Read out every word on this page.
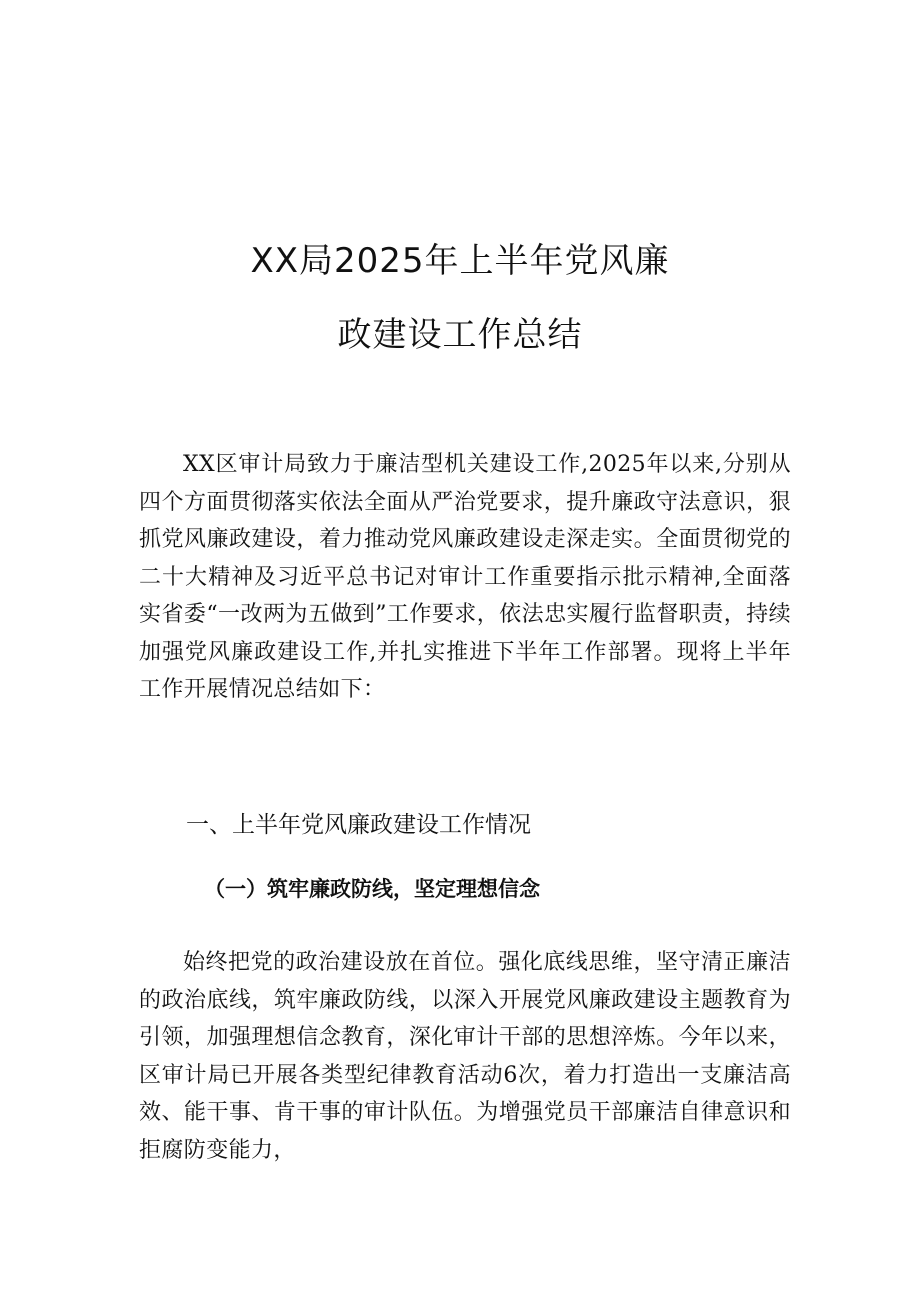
XX局2025年上半年党风廉
政建设工作总结

XX区审计局致力于廉洁型机关建设工作,2025年以来,分别从四个方面贯彻落实依法全面从严治党要求，提升廉政守法意识，狠抓党风廉政建设，着力推动党风廉政建设走深走实。全面贯彻党的二十大精神及习近平总书记对审计工作重要指示批示精神,全面落实省委“一改两为五做到”工作要求，依法忠实履行监督职责，持续加强党风廉政建设工作,并扎实推进下半年工作部署。现将上半年工作开展情况总结如下：

一、上半年党风廉政建设工作情况
（一）筑牢廉政防线，坚定理想信念

始终把党的政治建设放在首位。强化底线思维，坚守清正廉洁的政治底线，筑牢廉政防线，以深入开展党风廉政建设主题教育为引领，加强理想信念教育，深化审计干部的思想淬炼。今年以来，区审计局已开展各类型纪律教育活动6次，着力打造出一支廉洁高效、能干事、肯干事的审计队伍。为增强党员干部廉洁自律意识和拒腐防变能力，
